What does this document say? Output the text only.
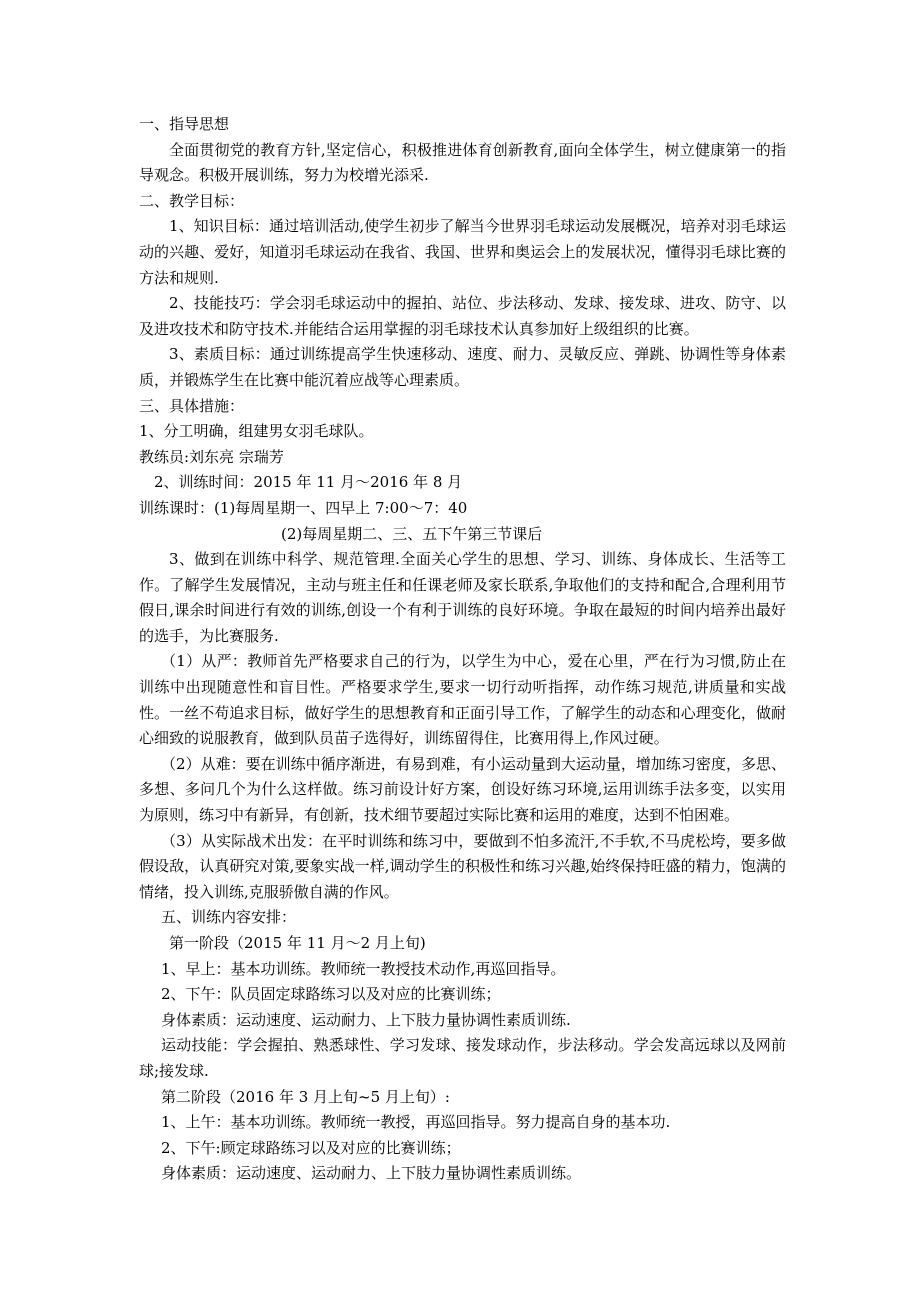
一、指导思想

全面贯彻党的教育方针,坚定信心，积极推进体育创新教育,面向全体学生，树立健康第一的指导观念。积极开展训练，努力为校增光添采.

二、教学目标：

1、知识目标：通过培训活动,使学生初步了解当今世界羽毛球运动发展概况，培养对羽毛球运动的兴趣、爱好，知道羽毛球运动在我省、我国、世界和奥运会上的发展状况，懂得羽毛球比赛的方法和规则.

2、技能技巧：学会羽毛球运动中的握拍、站位、步法移动、发球、接发球、进攻、防守、以及进攻技术和防守技术.并能结合运用掌握的羽毛球技术认真参加好上级组织的比赛。

3、素质目标：通过训练提高学生快速移动、速度、耐力、灵敏反应、弹跳、协调性等身体素质，并锻炼学生在比赛中能沉着应战等心理素质。

三、具体措施：

1、分工明确，组建男女羽毛球队。

教练员:刘东亮 宗瑞芳

2、训练时间：2015 年 11 月～2016 年 8 月

训练课时：(1)每周星期一、四早上 7:00～7：40

(2)每周星期二、三、五下午第三节课后

3、做到在训练中科学、规范管理.全面关心学生的思想、学习、训练、身体成长、生活等工作。了解学生发展情况，主动与班主任和任课老师及家长联系,争取他们的支持和配合,合理利用节假日,课余时间进行有效的训练,创设一个有利于训练的良好环境。争取在最短的时间内培养出最好的选手，为比赛服务.

（1）从严：教师首先严格要求自己的行为，以学生为中心，爱在心里，严在行为习惯,防止在训练中出现随意性和盲目性。严格要求学生,要求一切行动听指挥，动作练习规范,讲质量和实战性。一丝不苟追求目标，做好学生的思想教育和正面引导工作，了解学生的动态和心理变化，做耐心细致的说服教育，做到队员苗子选得好，训练留得住，比赛用得上,作风过硬。

（2）从难：要在训练中循序渐进，有易到难，有小运动量到大运动量，增加练习密度，多思、多想、多问几个为什么这样做。练习前设计好方案，创设好练习环境,运用训练手法多变，以实用为原则，练习中有新异，有创新，技术细节要超过实际比赛和运用的难度，达到不怕困难。

（3）从实际战术出发：在平时训练和练习中，要做到不怕多流汗,不手软,不马虎松垮，要多做假设敌，认真研究对策,要象实战一样,调动学生的积极性和练习兴趣,始终保持旺盛的精力，饱满的情绪，投入训练,克服骄傲自满的作风。

五、训练内容安排：

第一阶段（2015 年 11 月～2 月上旬)

1、早上：基本功训练。教师统一教授技术动作,再巡回指导。

2、下午：队员固定球路练习以及对应的比赛训练；

身体素质：运动速度、运动耐力、上下肢力量协调性素质训练.

运动技能：学会握拍、熟悉球性、学习发球、接发球动作，步法移动。学会发高远球以及网前球;接发球.

第二阶段（2016 年 3 月上旬~5 月上旬）:

1、上午：基本功训练。教师统一教授，再巡回指导。努力提高自身的基本功.

2、下午:顾定球路练习以及对应的比赛训练；

身体素质：运动速度、运动耐力、上下肢力量协调性素质训练。
